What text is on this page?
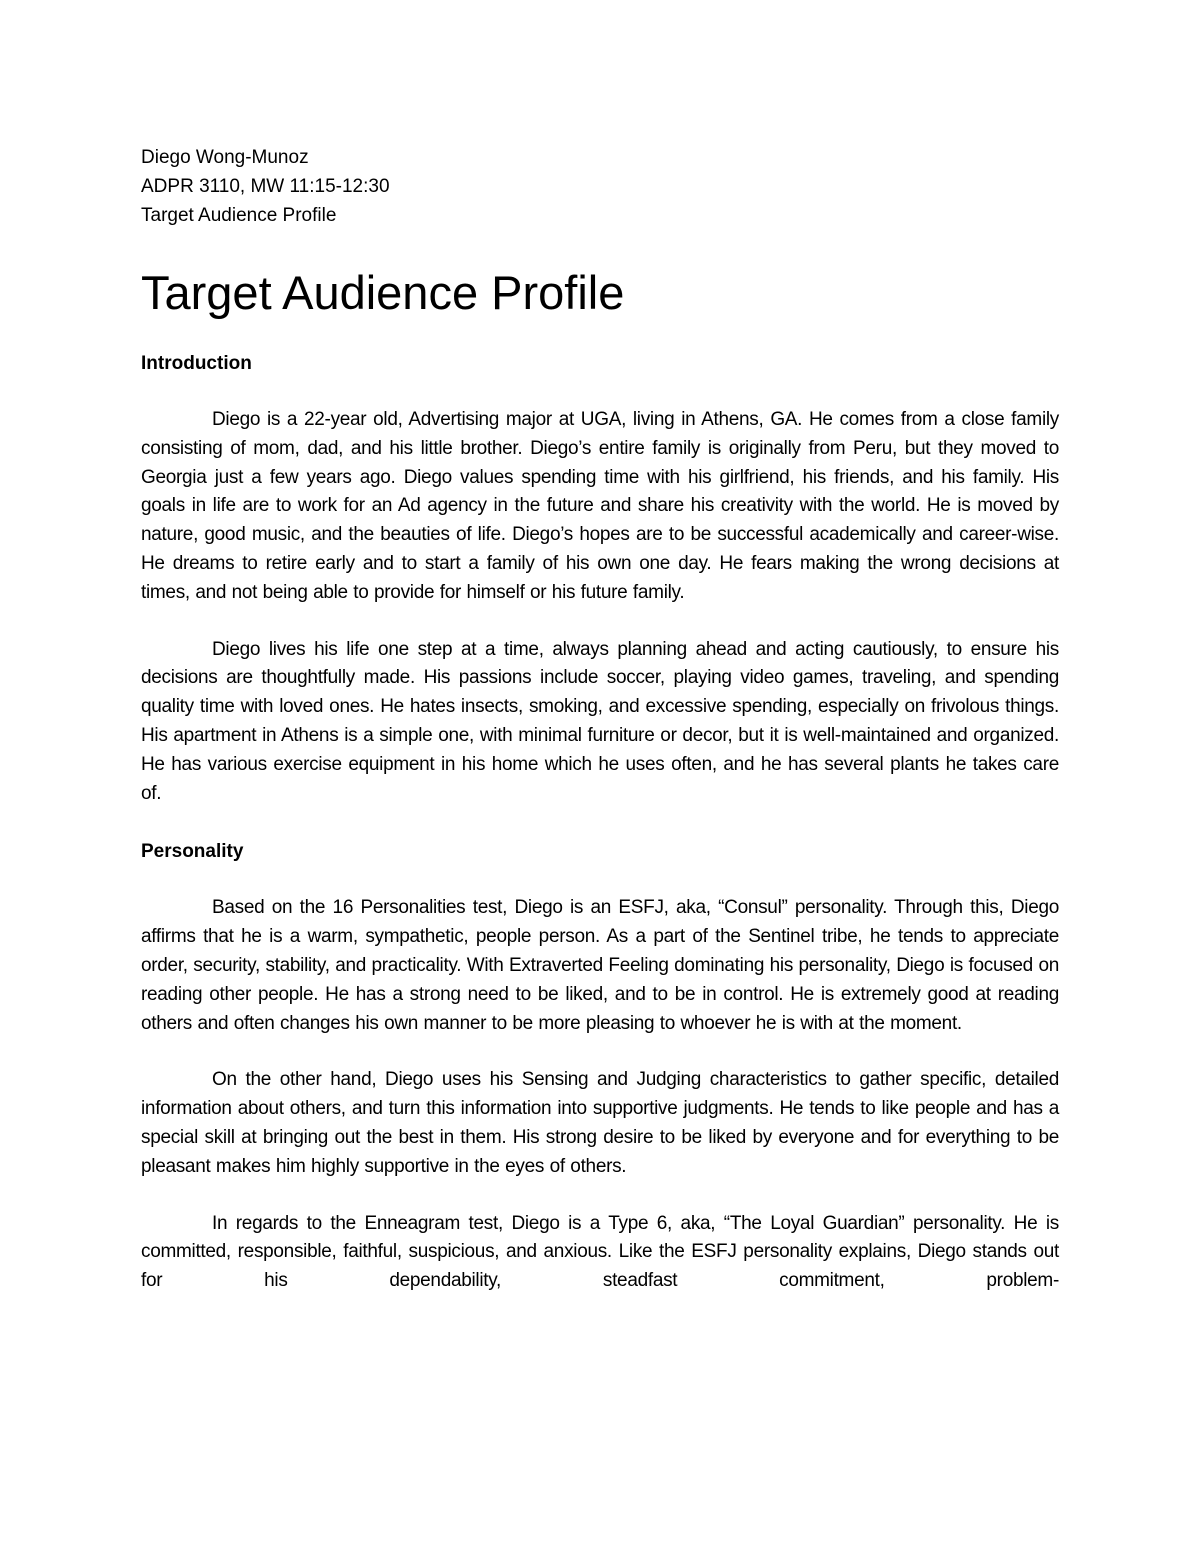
Diego Wong-Munoz

ADPR 3110, MW 11:15-12:30

Target Audience Profile

Target Audience Profile
Introduction

Diego is a 22-year old, Advertising major at UGA, living in Athens, GA. He comes from a close family consisting of mom, dad, and his little brother. Diego’s entire family is originally from Peru, but they moved to Georgia just a few years ago. Diego values spending time with his girlfriend, his friends, and his family. His goals in life are to work for an Ad agency in the future and share his creativity with the world. He is moved by nature, good music, and the beauties of life. Diego’s hopes are to be successful academically and career-wise. He dreams to retire early and to start a family of his own one day. He fears making the wrong decisions at times, and not being able to provide for himself or his future family.

Diego lives his life one step at a time, always planning ahead and acting cautiously, to ensure his decisions are thoughtfully made. His passions include soccer, playing video games, traveling, and spending quality time with loved ones. He hates insects, smoking, and excessive spending, especially on frivolous things. His apartment in Athens is a simple one, with minimal furniture or decor, but it is well-maintained and organized. He has various exercise equipment in his home which he uses often, and he has several plants he takes care of.

Personality

Based on the 16 Personalities test, Diego is an ESFJ, aka, “Consul” personality. Through this, Diego affirms that he is a warm, sympathetic, people person. As a part of the Sentinel tribe, he tends to appreciate order, security, stability, and practicality. With Extraverted Feeling dominating his personality, Diego is focused on reading other people. He has a strong need to be liked, and to be in control. He is extremely good at reading others and often changes his own manner to be more pleasing to whoever he is with at the moment.

On the other hand, Diego uses his Sensing and Judging characteristics to gather specific, detailed information about others, and turn this information into supportive judgments. He tends to like people and has a special skill at bringing out the best in them. His strong desire to be liked by everyone and for everything to be pleasant makes him highly supportive in the eyes of others.

In regards to the Enneagram test, Diego is a Type 6, aka, “The Loyal Guardian” personality. He is committed, responsible, faithful, suspicious, and anxious. Like the ESFJ personality explains, Diego stands out for his dependability, steadfast commitment, problem-
